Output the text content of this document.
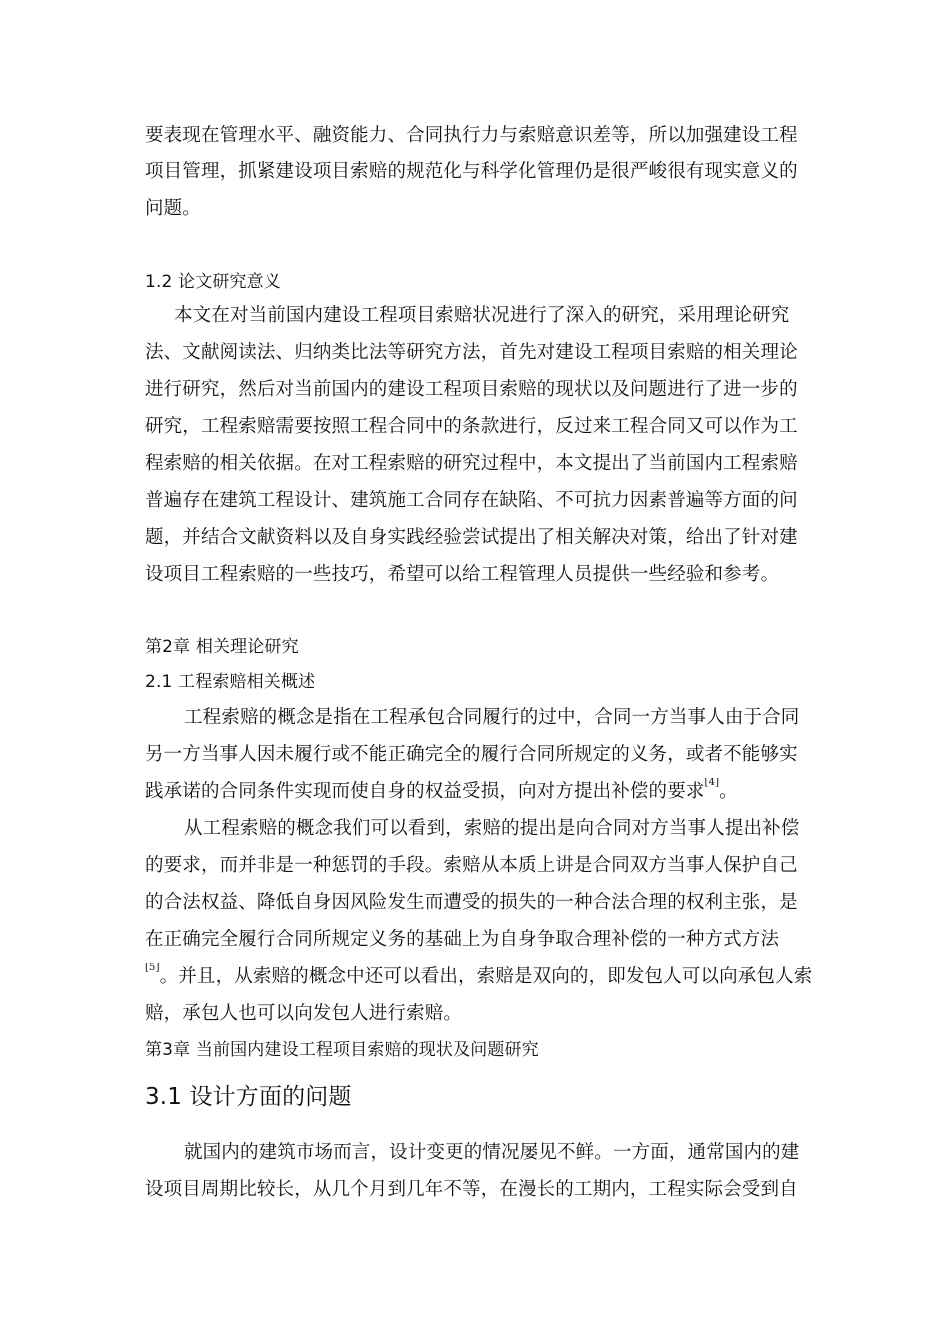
要表现在管理水平、融资能力、合同执行力与索赔意识差等，所以加强建设工程
项目管理，抓紧建设项目索赔的规范化与科学化管理仍是很严峻很有现实意义的
问题。
1.2 论文研究意义
本文在对当前国内建设工程项目索赔状况进行了深入的研究，采用理论研究
法、文献阅读法、归纳类比法等研究方法，首先对建设工程项目索赔的相关理论
进行研究，然后对当前国内的建设工程项目索赔的现状以及问题进行了进一步的
研究，工程索赔需要按照工程合同中的条款进行，反过来工程合同又可以作为工
程索赔的相关依据。在对工程索赔的研究过程中，本文提出了当前国内工程索赔
普遍存在建筑工程设计、建筑施工合同存在缺陷、不可抗力因素普遍等方面的问
题，并结合文献资料以及自身实践经验尝试提出了相关解决对策，给出了针对建
设项目工程索赔的一些技巧，希望可以给工程管理人员提供一些经验和参考。
第2章 相关理论研究
2.1 工程索赔相关概述
工程索赔的概念是指在工程承包合同履行的过中，合同一方当事人由于合同
另一方当事人因未履行或不能正确完全的履行合同所规定的义务，或者不能够实
践承诺的合同条件实现而使自身的权益受损，向对方提出补偿的要求[4]。
从工程索赔的概念我们可以看到，索赔的提出是向合同对方当事人提出补偿
的要求，而并非是一种惩罚的手段。索赔从本质上讲是合同双方当事人保护自己
的合法权益、降低自身因风险发生而遭受的损失的一种合法合理的权利主张，是
在正确完全履行合同所规定义务的基础上为自身争取合理补偿的一种方式方法
[5]。并且，从索赔的概念中还可以看出，索赔是双向的，即发包人可以向承包人索
赔，承包人也可以向发包人进行索赔。
第3章 当前国内建设工程项目索赔的现状及问题研究
3.1 设计方面的问题
就国内的建筑市场而言，设计变更的情况屡见不鲜。一方面，通常国内的建
设项目周期比较长，从几个月到几年不等，在漫长的工期内，工程实际会受到自
